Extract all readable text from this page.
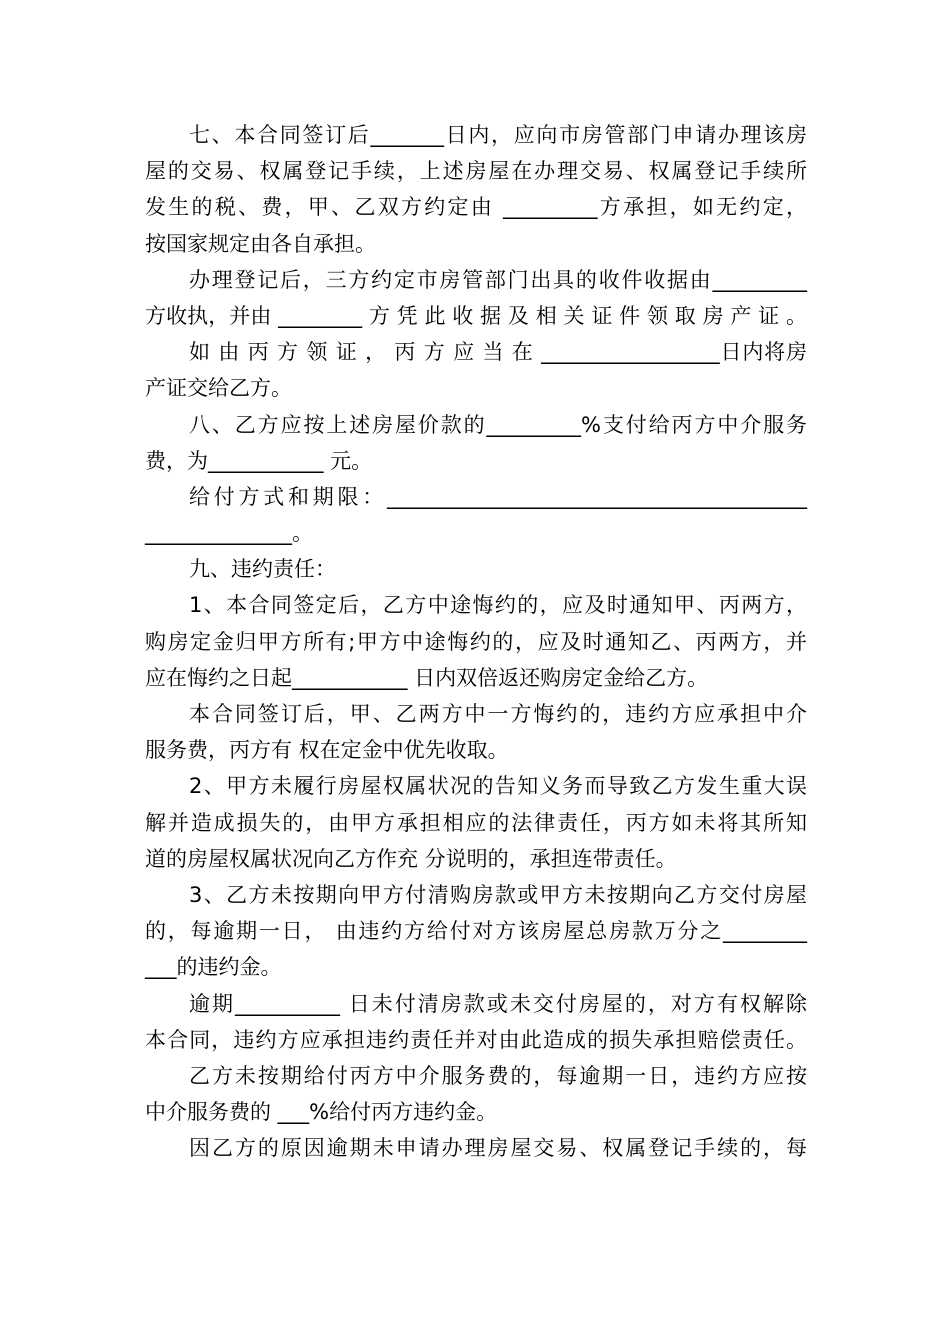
七、本合同签订后_______日内，应向市房管部门申请办理该房
屋的交易、权属登记手续，上述房屋在办理交易、权属登记手续所
发生的税、费，甲、乙双方约定由 _________方承担，如无约定，
按国家规定由各自承担。
办理登记后，三方约定市房管部门出具的收件收据由_________
方收执，并由 ________ 方 凭 此 收 据 及 相 关 证 件 领 取 房 产 证 。
如 由 丙 方 领 证 ， 丙 方 应 当 在 _________________日内将房
产证交给乙方。
八、乙方应按上述房屋价款的_________%支付给丙方中介服务
费，为___________ 元。
给付方式和期限：________________________________________
______________。
九、违约责任：
1、本合同签定后，乙方中途悔约的，应及时通知甲、丙两方，
购房定金归甲方所有;甲方中途悔约的，应及时通知乙、丙两方，并
应在悔约之日起___________ 日内双倍返还购房定金给乙方。
本合同签订后，甲、乙两方中一方悔约的，违约方应承担中介
服务费，丙方有 权在定金中优先收取。
2、甲方未履行房屋权属状况的告知义务而导致乙方发生重大误
解并造成损失的，由甲方承担相应的法律责任，丙方如未将其所知
道的房屋权属状况向乙方作充 分说明的，承担连带责任。
3、乙方未按期向甲方付清购房款或甲方未按期向乙方交付房屋
的，每逾期一日， 由违约方给付对方该房屋总房款万分之________
___的违约金。
逾期__________ 日未付清房款或未交付房屋的，对方有权解除
本合同，违约方应承担违约责任并对由此造成的损失承担赔偿责任。
乙方未按期给付丙方中介服务费的，每逾期一日，违约方应按
中介服务费的 ___%给付丙方违约金。
因乙方的原因逾期未申请办理房屋交易、权属登记手续的，每
